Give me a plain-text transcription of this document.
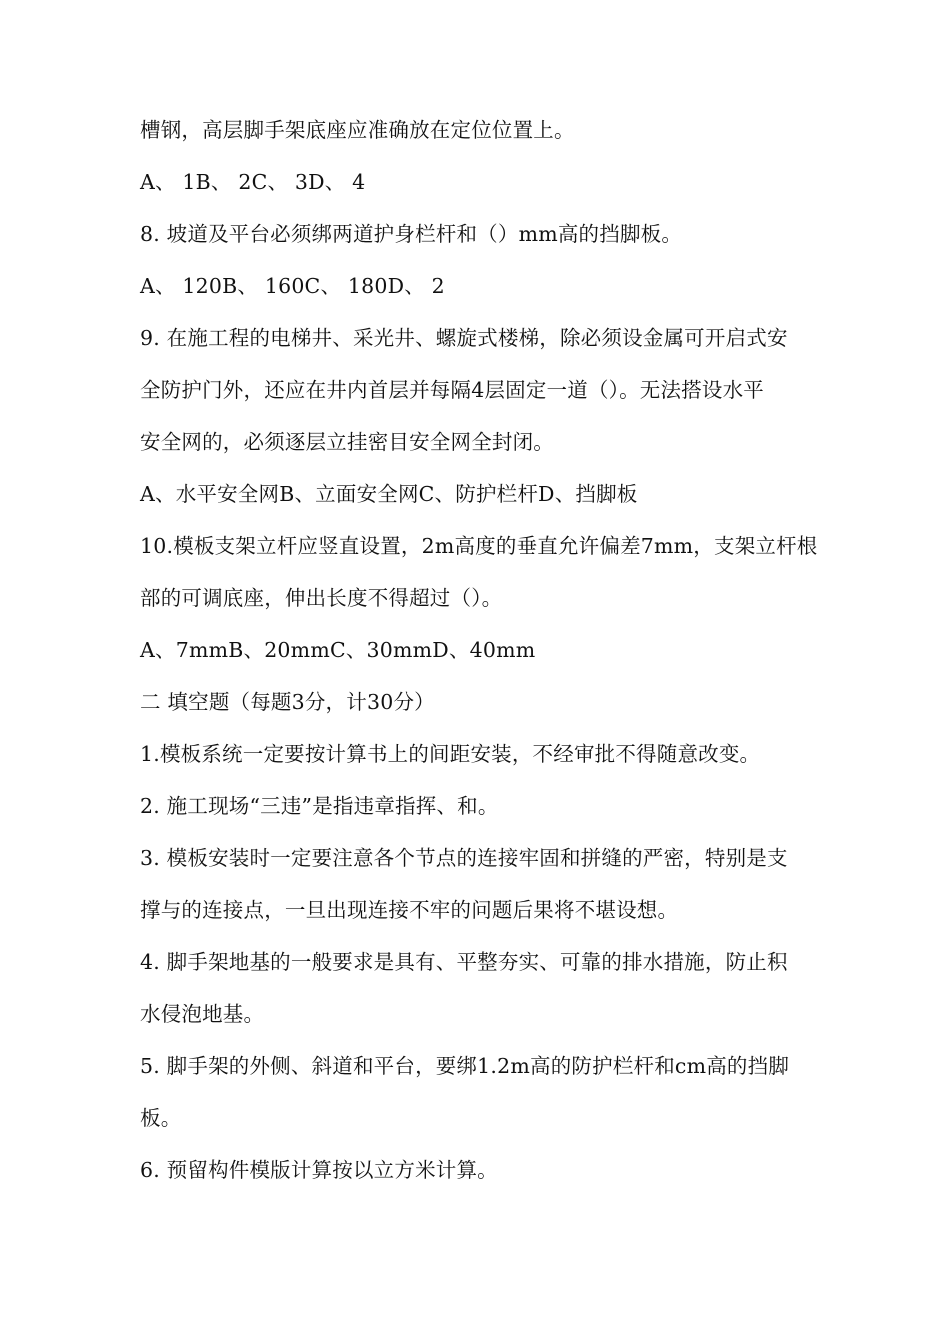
槽钢，高层脚手架底座应准确放在定位位置上。

A、 1B、 2C、 3D、 4

8. 坡道及平台必须绑两道护身栏杆和（）mm高的挡脚板。

A、 120B、 160C、 180D、 2

9. 在施工程的电梯井、采光井、螺旋式楼梯，除必须设金属可开启式安

全防护门外，还应在井内首层并每隔4层固定一道（）。无法搭设水平

安全网的，必须逐层立挂密目安全网全封闭。

A、水平安全网B、立面安全网C、防护栏杆D、挡脚板

10.模板支架立杆应竖直设置，2m高度的垂直允许偏差7mm，支架立杆根

部的可调底座，伸出长度不得超过（）。

A、7mmB、20mmC、30mmD、40mm

二 填空题（每题3分，计30分）

1.模板系统一定要按计算书上的间距安装，不经审批不得随意改变。

2. 施工现场“三违”是指违章指挥、和。

3. 模板安装时一定要注意各个节点的连接牢固和拼缝的严密，特别是支

撑与的连接点，一旦出现连接不牢的问题后果将不堪设想。

4. 脚手架地基的一般要求是具有、平整夯实、可靠的排水措施，防止积

水侵泡地基。

5. 脚手架的外侧、斜道和平台，要绑1.2m高的防护栏杆和cm高的挡脚

板。

6. 预留构件模版计算按以立方米计算。
